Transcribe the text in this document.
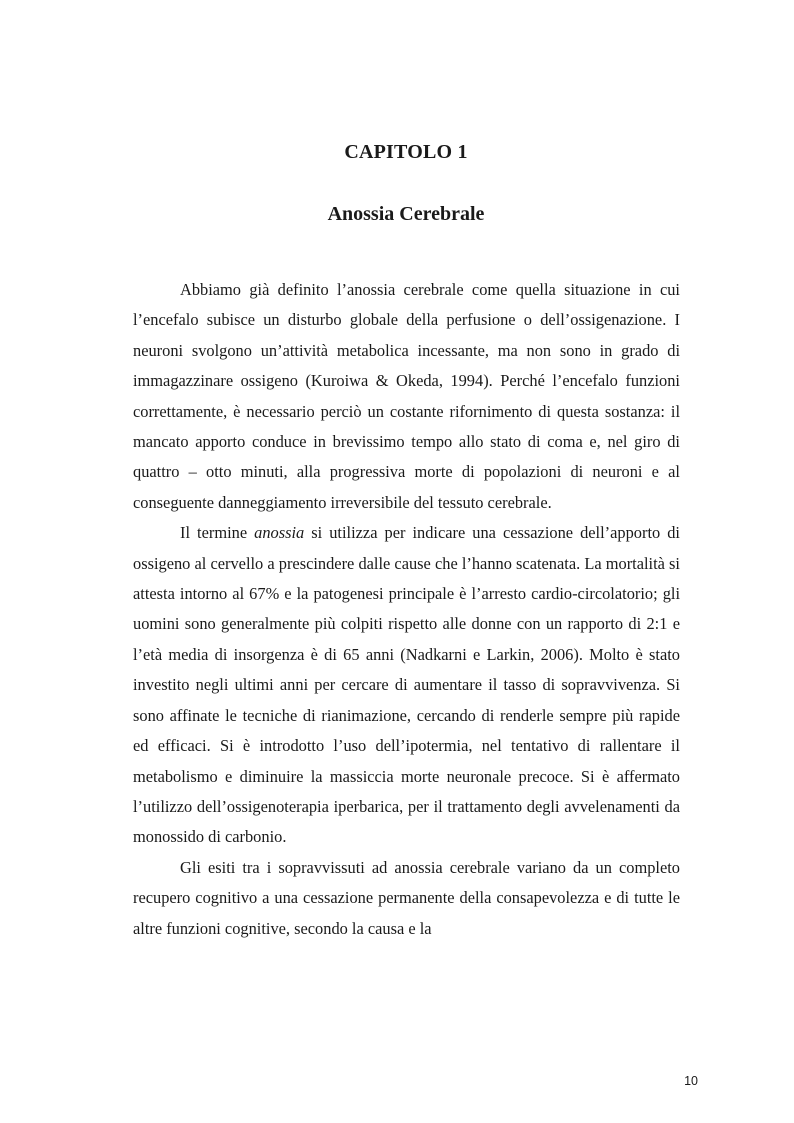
CAPITOLO 1
Anossia Cerebrale

Abbiamo già definito l’anossia cerebrale come quella situazione in cui l’encefalo subisce un disturbo globale della perfusione o dell’ossigenazione. I neuroni svolgono un’attività metabolica incessante, ma non sono in grado di immagazzinare ossigeno (Kuroiwa & Okeda, 1994). Perché l’encefalo funzioni correttamente, è necessario perciò un costante rifornimento di questa sostanza: il mancato apporto conduce in brevissimo tempo allo stato di coma e, nel giro di quattro – otto minuti, alla progressiva morte di popolazioni di neuroni e al conseguente danneggiamento irreversibile del tessuto cerebrale.

Il termine anossia si utilizza per indicare una cessazione dell’apporto di ossigeno al cervello a prescindere dalle cause che l’hanno scatenata. La mortalità si attesta intorno al 67% e la patogenesi principale è l’arresto cardio-circolatorio; gli uomini sono generalmente più colpiti rispetto alle donne con un rapporto di 2:1 e l’età media di insorgenza è di 65 anni (Nadkarni e Larkin, 2006). Molto è stato investito negli ultimi anni per cercare di aumentare il tasso di sopravvivenza. Si sono affinate le tecniche di rianimazione, cercando di renderle sempre più rapide ed efficaci. Si è introdotto l’uso dell’ipotermia, nel tentativo di rallentare il metabolismo e diminuire la massiccia morte neuronale precoce. Si è affermato l’utilizzo dell’ossigenoterapia iperbarica, per il trattamento degli avvelenamenti da monossido di carbonio.

Gli esiti tra i sopravvissuti ad anossia cerebrale variano da un completo recupero cognitivo a una cessazione permanente della consapevolezza e di tutte le altre funzioni cognitive, secondo la causa e la

10
